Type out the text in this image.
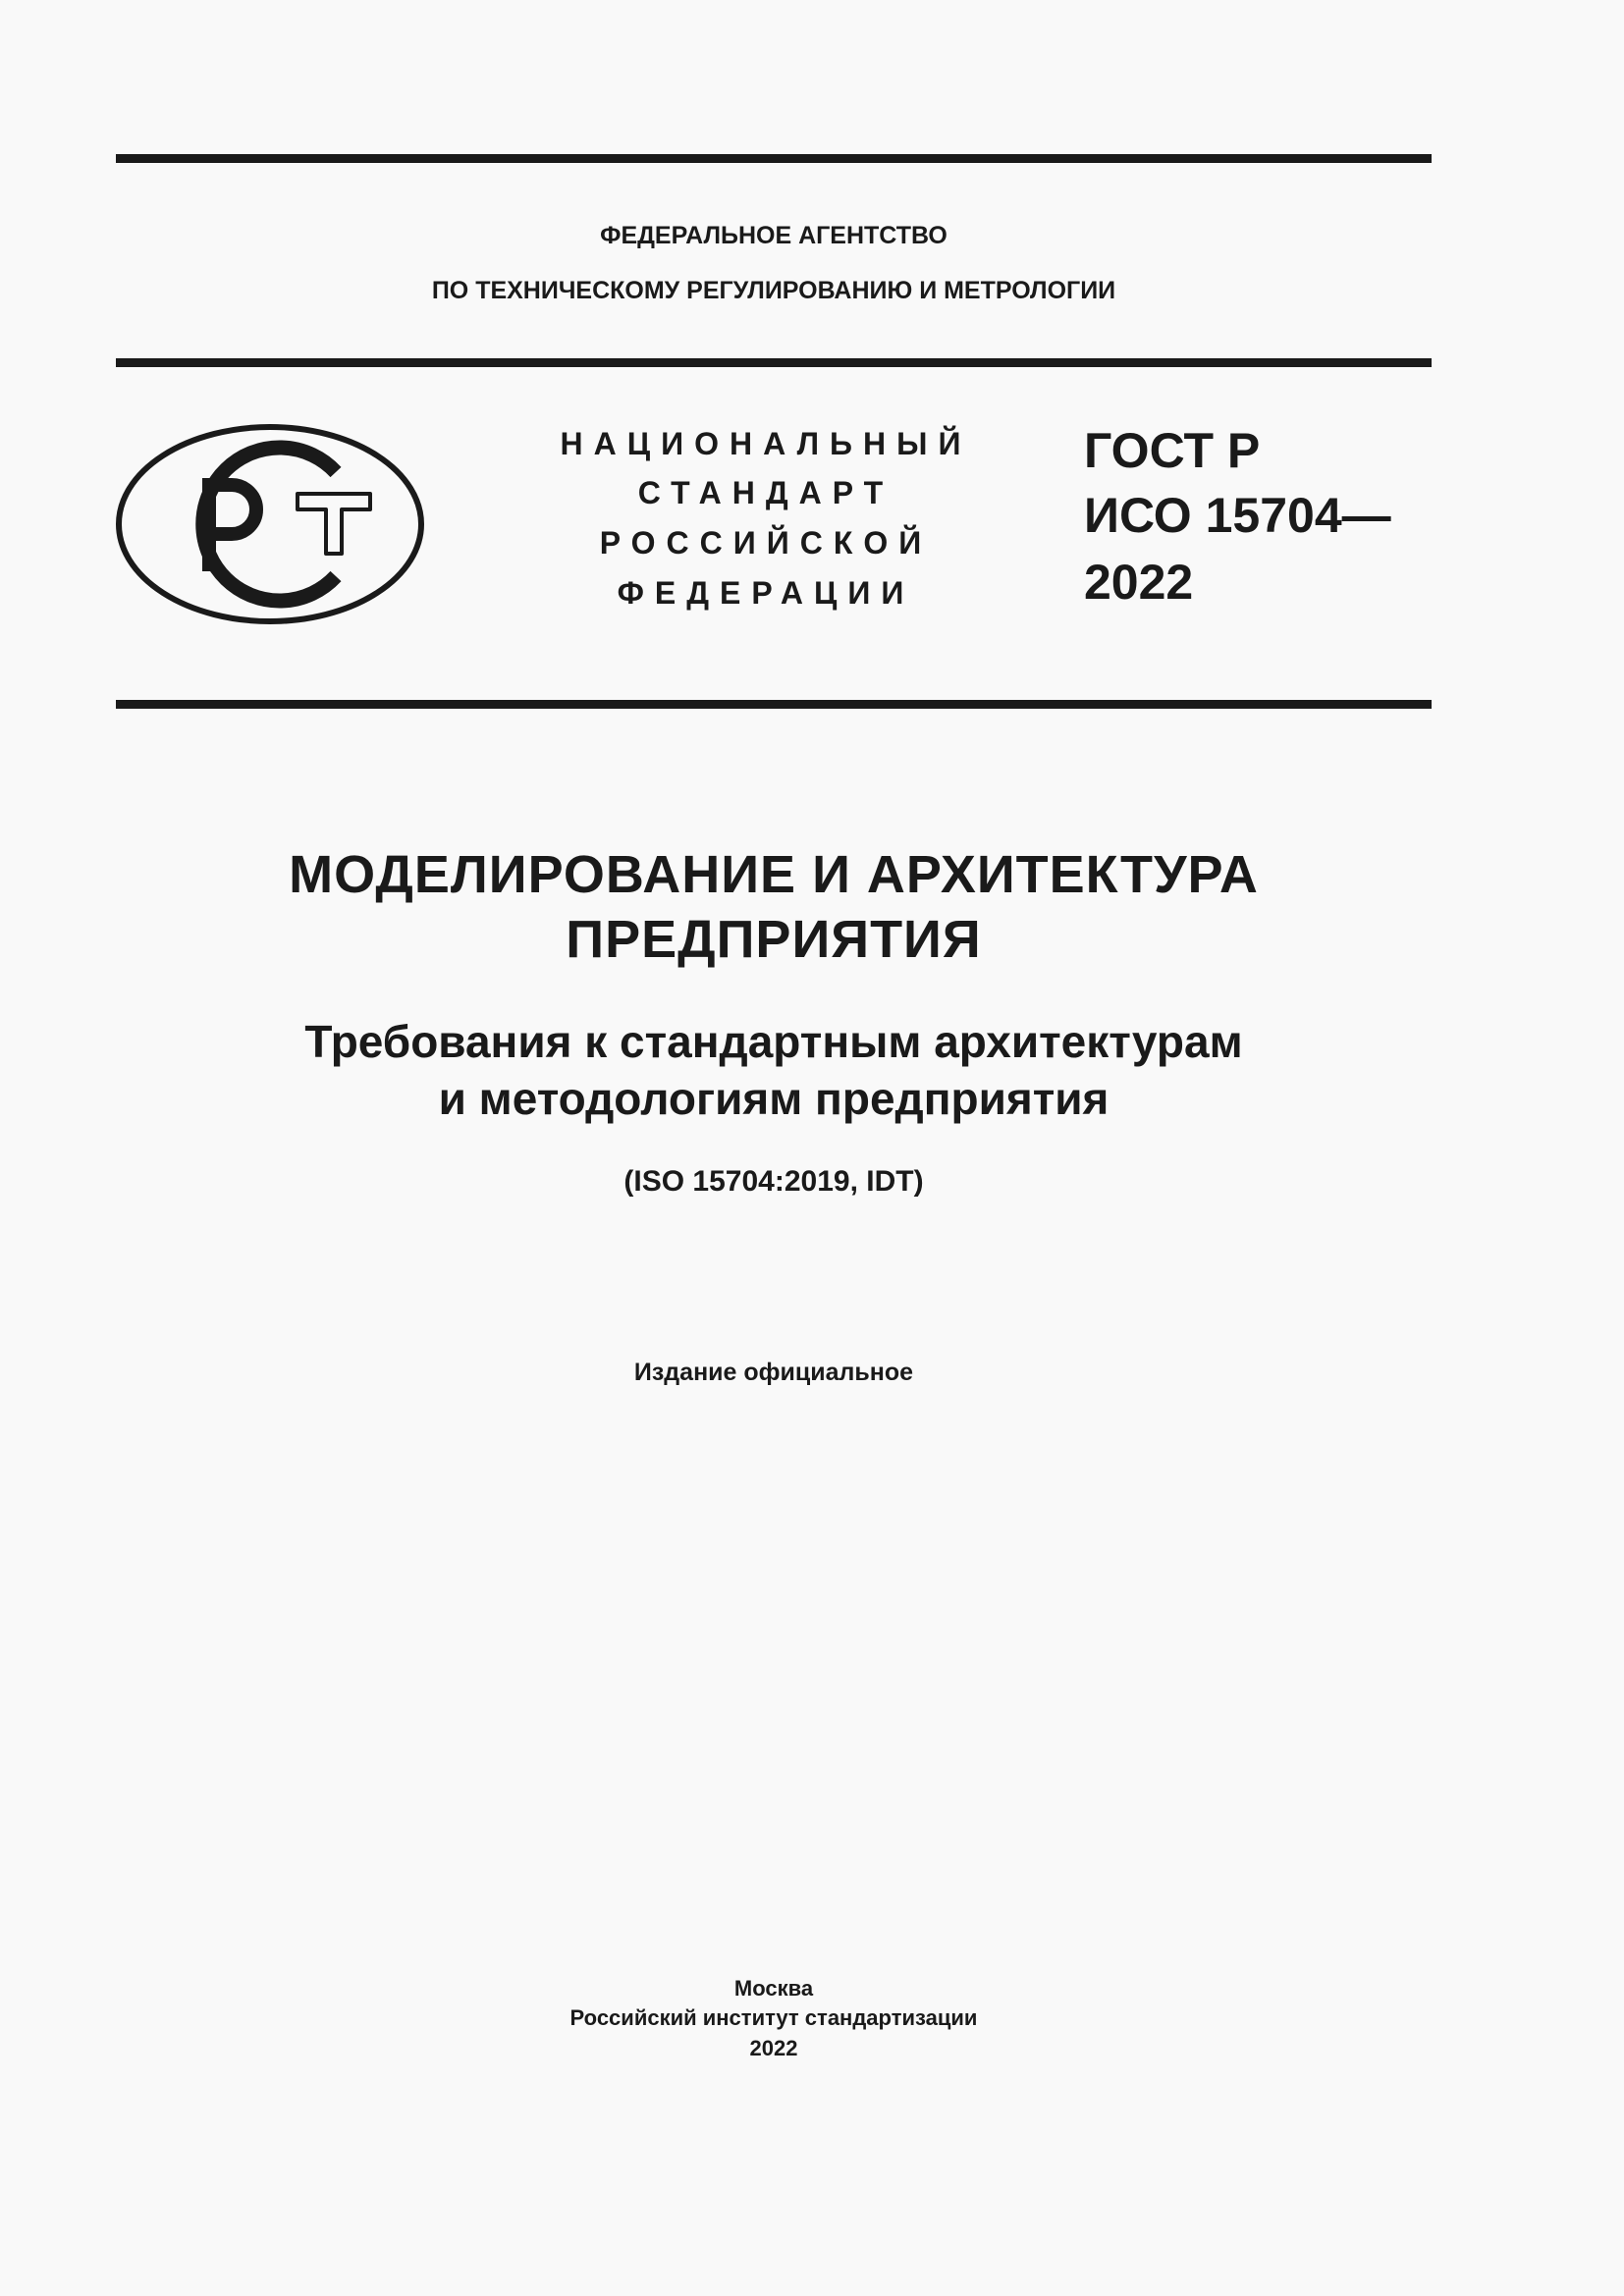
ФЕДЕРАЛЬНОЕ АГЕНТСТВО
ПО ТЕХНИЧЕСКОМУ РЕГУЛИРОВАНИЮ И МЕТРОЛОГИИ
НАЦИОНАЛЬНЫЙ
СТАНДАРТ
РОССИЙСКОЙ
ФЕДЕРАЦИИ
ГОСТ Р
ИСО 15704—
2022
МОДЕЛИРОВАНИЕ И АРХИТЕКТУРА
ПРЕДПРИЯТИЯ
Требования к стандартным архитектурам
и методологиям предприятия
(ISO 15704:2019, IDT)
Издание официальное
Москва
Российский институт стандартизации
2022
